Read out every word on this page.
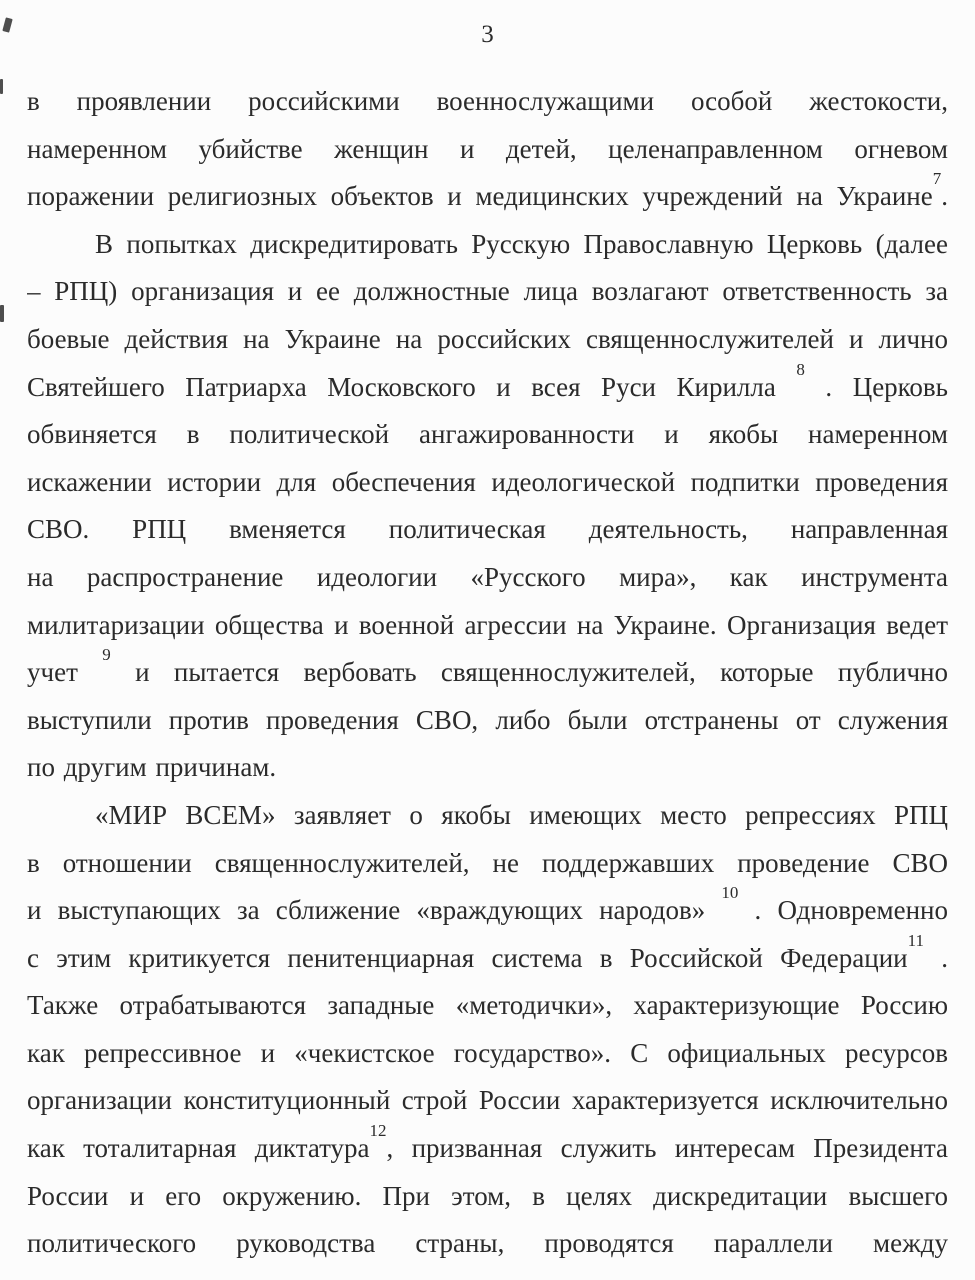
3
в проявлении российскими военнослужащими особой жестокости,
намеренном убийстве женщин и детей, целенаправленном огневом
поражении религиозных объектов и медицинских учреждений на Украине$^7$.
В попытках дискредитировать Русскую Православную Церковь (далее
– РПЦ) организация и ее должностные лица возлагают ответственность за
боевые действия на Украине на российских священнослужителей и лично
Святейшего Патриарха Московского и всея Руси Кирилла $^8$ . Церковь
обвиняется в политической ангажированности и якобы намеренном
искажении истории для обеспечения идеологической подпитки проведения
СВО. РПЦ вменяется политическая деятельность, направленная
на распространение идеологии «Русского мира», как инструмента
милитаризации общества и военной агрессии на Украине. Организация ведет
учет $^9$ и пытается вербовать священнослужителей, которые публично
выступили против проведения СВО, либо были отстранены от служения
по другим причинам.
«МИР ВСЕМ» заявляет о якобы имеющих место репрессиях РПЦ
в отношении священнослужителей, не поддержавших проведение СВО
и выступающих за сближение «враждующих народов» $^{10}$ . Одновременно
с этим критикуется пенитенциарная система в Российской Федерации$^{11}$ .
Также отрабатываются западные «методички», характеризующие Россию
как репрессивное и «чекистское государство». С официальных ресурсов
организации конституционный строй России характеризуется исключительно
как тоталитарная диктатура$^{12}$, призванная служить интересам Президента
России и его окружению. При этом, в целях дискредитации высшего
политического руководства страны, проводятся параллели между
